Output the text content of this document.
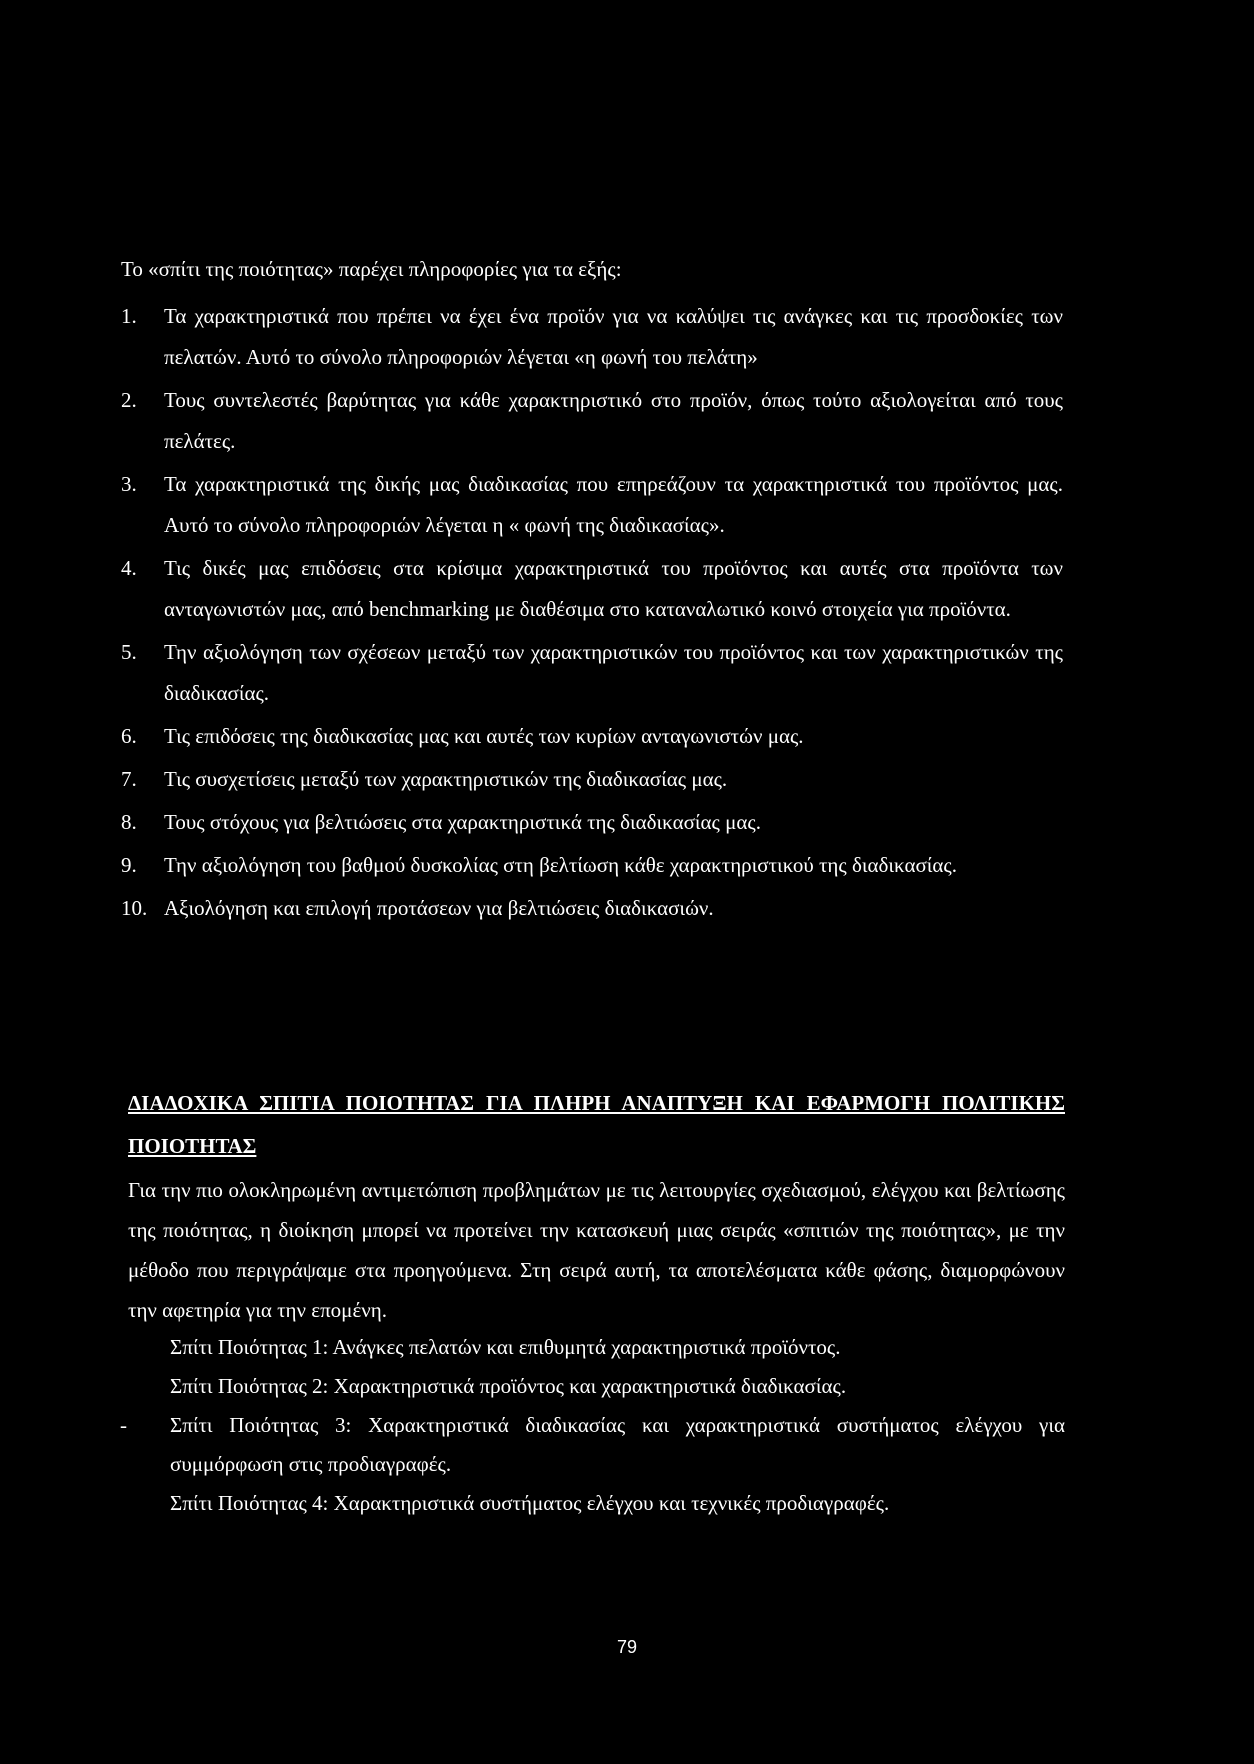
Το «σπίτι της ποιότητας» παρέχει πληροφορίες για τα εξής:
1. Τα χαρακτηριστικά που πρέπει να έχει ένα προϊόν για να καλύψει τις ανάγκες και τις προσδοκίες των πελατών. Αυτό το σύνολο πληροφοριών λέγεται «η φωνή του πελάτη»
2. Τους συντελεστές βαρύτητας για κάθε χαρακτηριστικό στο προϊόν, όπως τούτο αξιολογείται από τους πελάτες.
3. Τα χαρακτηριστικά της δικής μας διαδικασίας που επηρεάζουν τα χαρακτηριστικά του προϊόντος μας. Αυτό το σύνολο πληροφοριών λέγεται η « φωνή της διαδικασίας».
4. Τις δικές μας επιδόσεις στα κρίσιμα χαρακτηριστικά του προϊόντος και αυτές στα προϊόντα των ανταγωνιστών μας, από benchmarking με διαθέσιμα στο καταναλωτικό κοινό στοιχεία για προϊόντα.
5. Την αξιολόγηση των σχέσεων μεταξύ των χαρακτηριστικών του προϊόντος και των χαρακτηριστικών της διαδικασίας.
6. Τις επιδόσεις της διαδικασίας μας και αυτές των κυρίων ανταγωνιστών μας.
7. Τις συσχετίσεις μεταξύ των χαρακτηριστικών της διαδικασίας μας.
8. Τους στόχους για βελτιώσεις στα χαρακτηριστικά της διαδικασίας μας.
9. Την αξιολόγηση του βαθμού δυσκολίας στη βελτίωση κάθε χαρακτηριστικού της διαδικασίας.
10. Αξιολόγηση και επιλογή προτάσεων για βελτιώσεις διαδικασιών.
ΔΙΑΔΟΧΙΚΑ ΣΠΙΤΙΑ ΠΟΙΟΤΗΤΑΣ ΓΙΑ ΠΛΗΡΗ ΑΝΑΠΤΥΞΗ ΚΑΙ ΕΦΑΡΜΟΓΗ ΠΟΛΙΤΙΚΗΣ ΠΟΙΟΤΗΤΑΣ
Για την πιο ολοκληρωμένη αντιμετώπιση προβλημάτων με τις λειτουργίες σχεδιασμού, ελέγχου και βελτίωσης της ποιότητας, η διοίκηση μπορεί να προτείνει την κατασκευή μιας σειράς «σπιτιών της ποιότητας», με την μέθοδο που περιγράψαμε στα προηγούμενα. Στη σειρά αυτή, τα αποτελέσματα κάθε φάσης, διαμορφώνουν την αφετηρία για την επομένη.
Σπίτι Ποιότητας 1: Ανάγκες πελατών και επιθυμητά χαρακτηριστικά προϊόντος.
Σπίτι Ποιότητας 2: Χαρακτηριστικά προϊόντος και χαρακτηριστικά διαδικασίας.
- Σπίτι Ποιότητας 3: Χαρακτηριστικά διαδικασίας και χαρακτηριστικά συστήματος ελέγχου για συμμόρφωση στις προδιαγραφές.
Σπίτι Ποιότητας 4: Χαρακτηριστικά συστήματος ελέγχου και τεχνικές προδιαγραφές.
79
